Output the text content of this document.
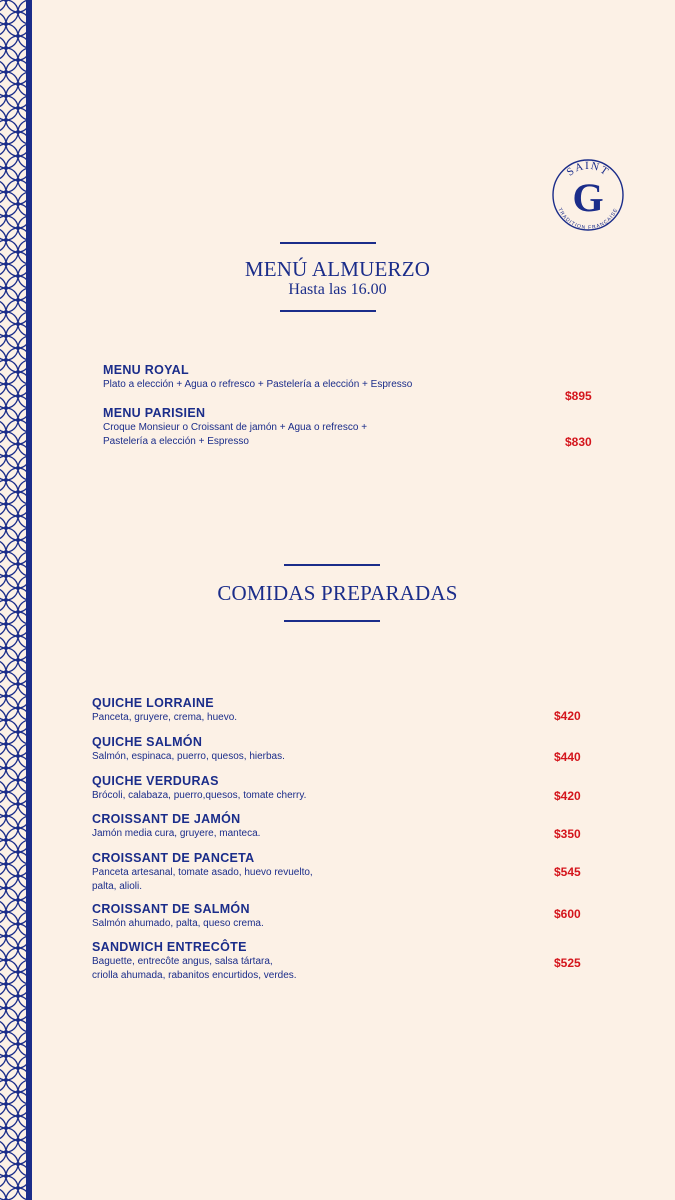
SAINT
G
TRADITION FRANÇAISE
MENÚ ALMUERZO
Hasta las 16.00
MENU ROYAL
Plato a elección + Agua o refresco + Pastelería a elección + Espresso
$895
MENU PARISIEN
Croque Monsieur o Croissant de jamón + Agua o refresco +
Pastelería a elección + Espresso	$830
COMIDAS PREPARADAS
QUICHE LORRAINE
Panceta, gruyere, crema, huevo.	$420
QUICHE SALMÓN
Salmón, espinaca, puerro, quesos, hierbas.	$440
QUICHE VERDURAS
Brócoli, calabaza, puerro,quesos, tomate cherry.	$420
CROISSANT DE JAMÓN
Jamón media cura, gruyere, manteca.	$350
CROISSANT DE PANCETA
Panceta artesanal, tomate asado, huevo revuelto,
palta, alioli.
$545
CROISSANT DE SALMÓN
Salmón ahumado, palta, queso crema.
$600
SANDWICH ENTRECÔTE
Baguette, entrecôte angus, salsa tártara,
criolla ahumada, rabanitos encurtidos, verdes.
$525
